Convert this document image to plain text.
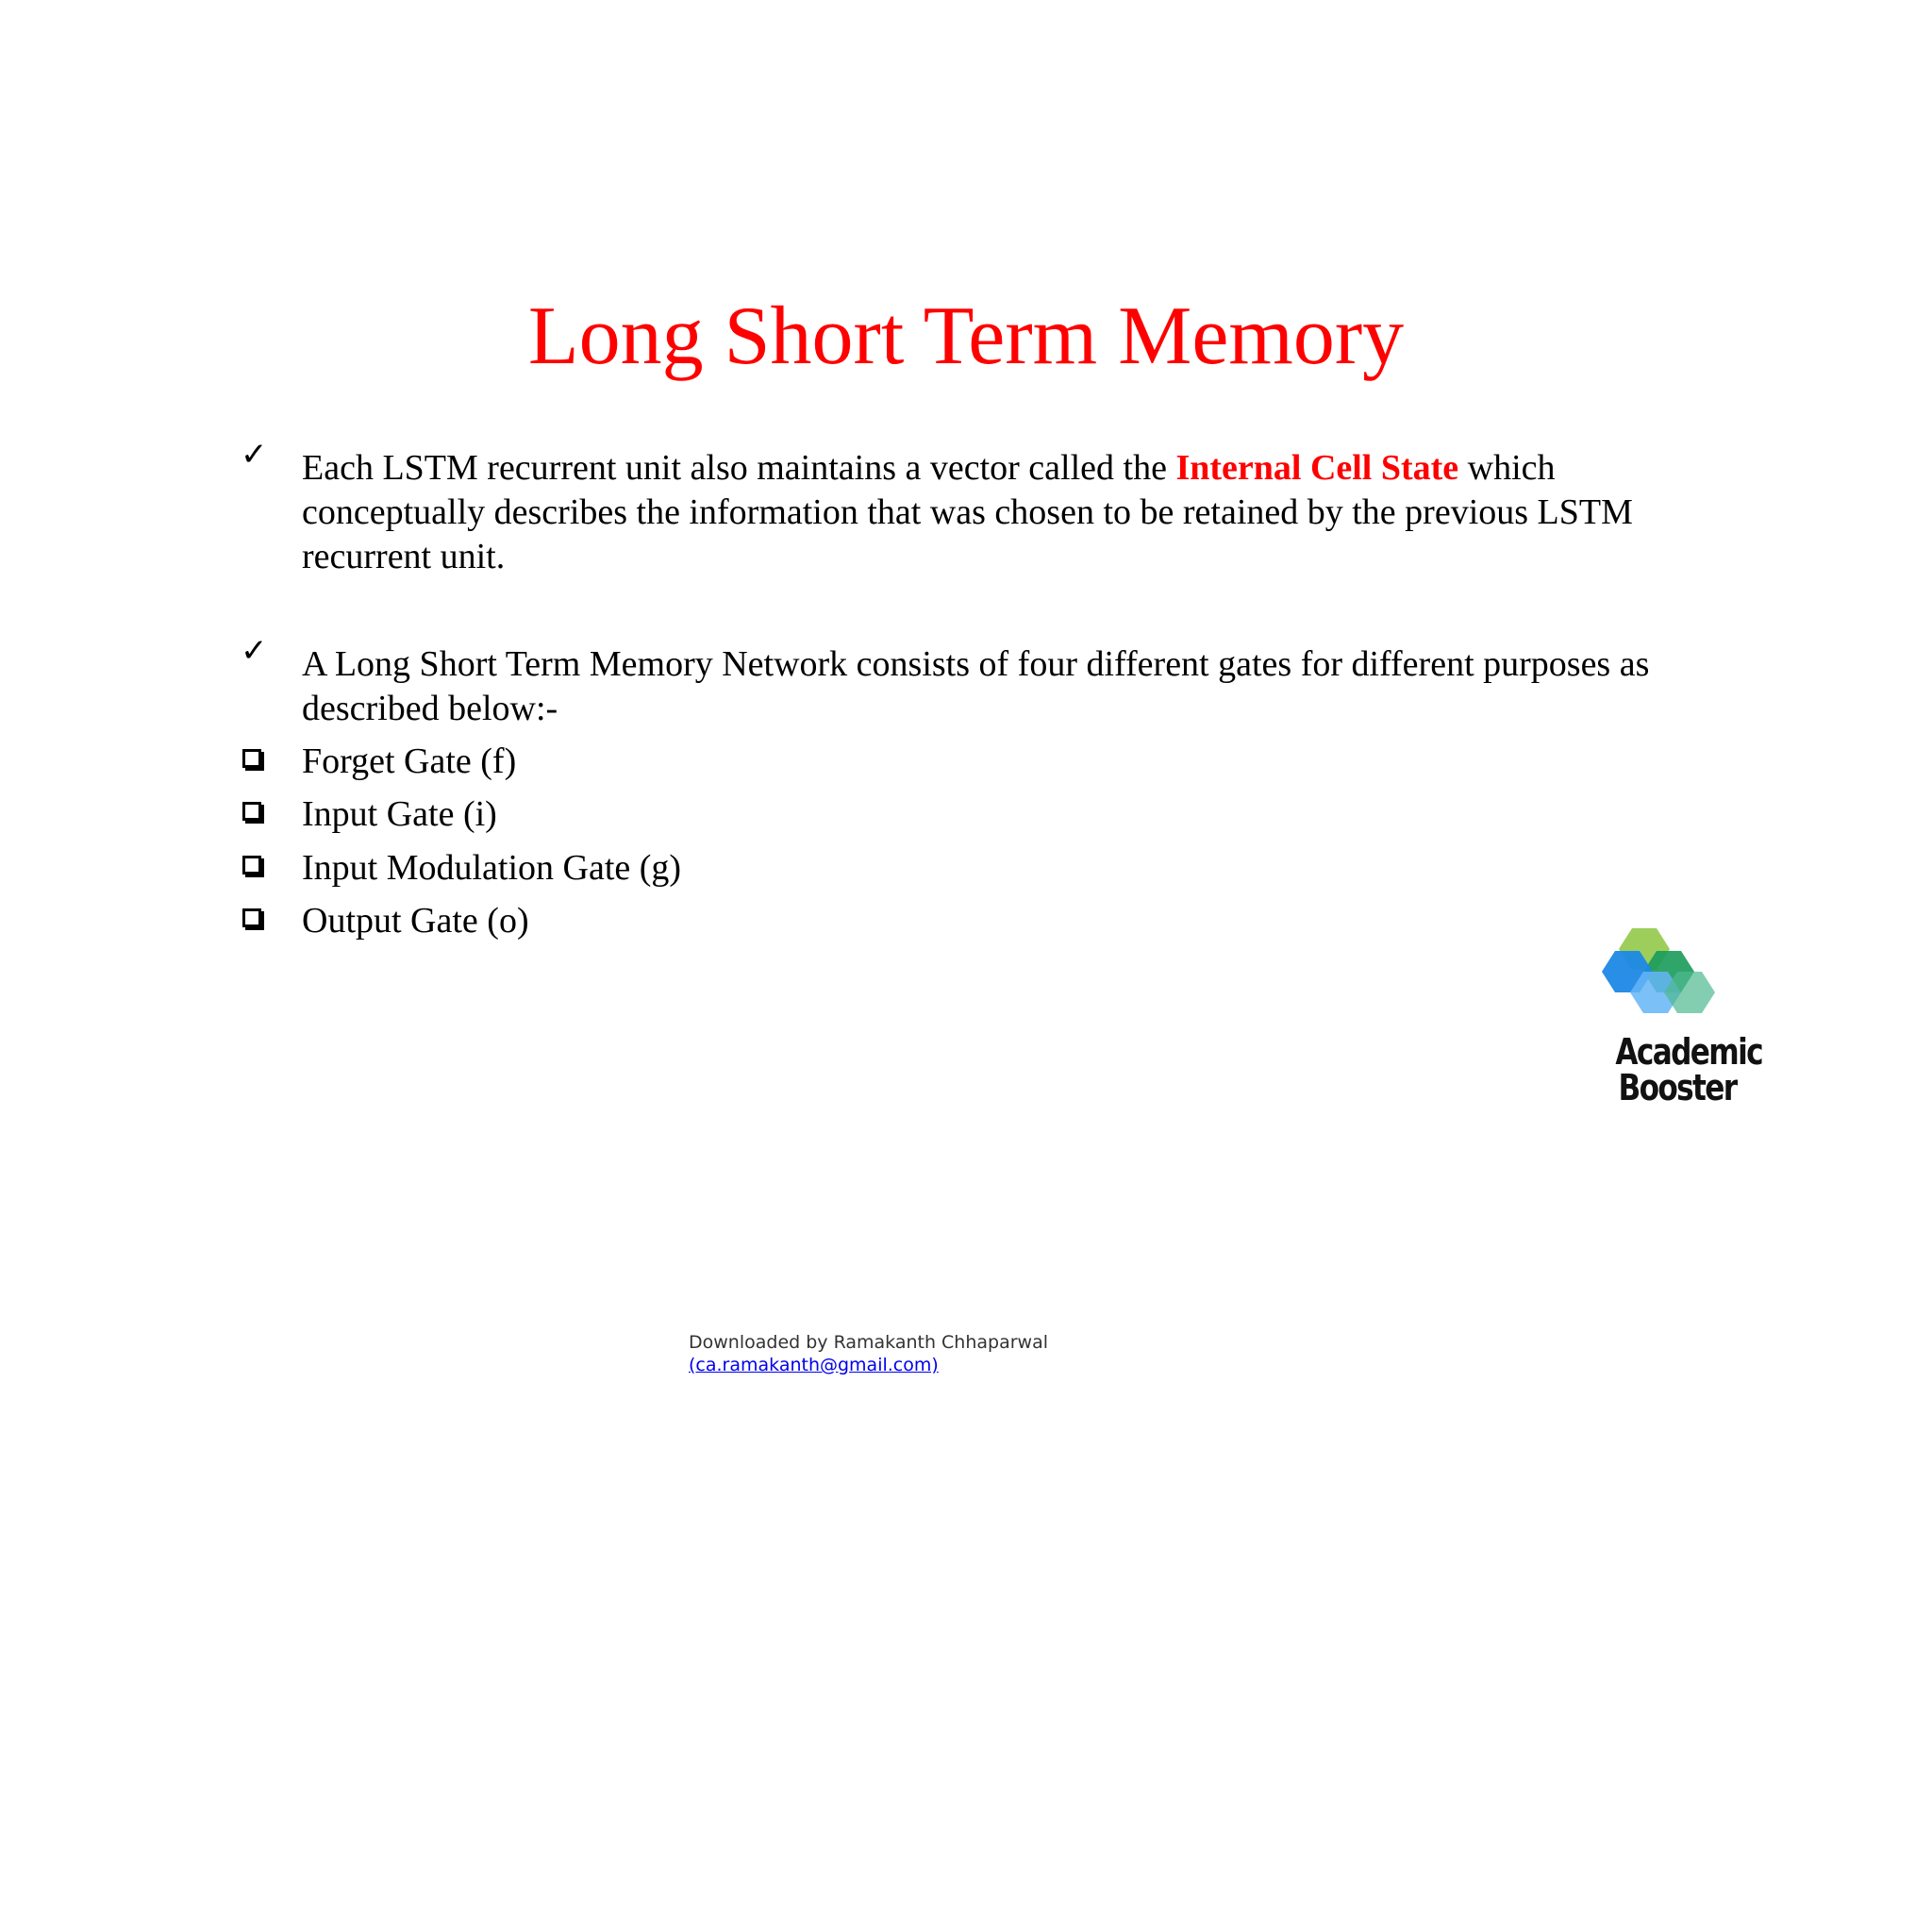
Long Short Term Memory
✓ Each LSTM recurrent unit also maintains a vector called the Internal Cell State which
conceptually describes the information that was chosen to be retained by the previous LSTM
recurrent unit.
✓ A Long Short Term Memory Network consists of four different gates for different purposes as
described below:-
Forget Gate (f)
Input Gate (i)
Input Modulation Gate (g)
Output Gate (o)
Academic
Booster
Downloaded by Ramakanth Chhaparwal
(ca.ramakanth@gmail.com)
